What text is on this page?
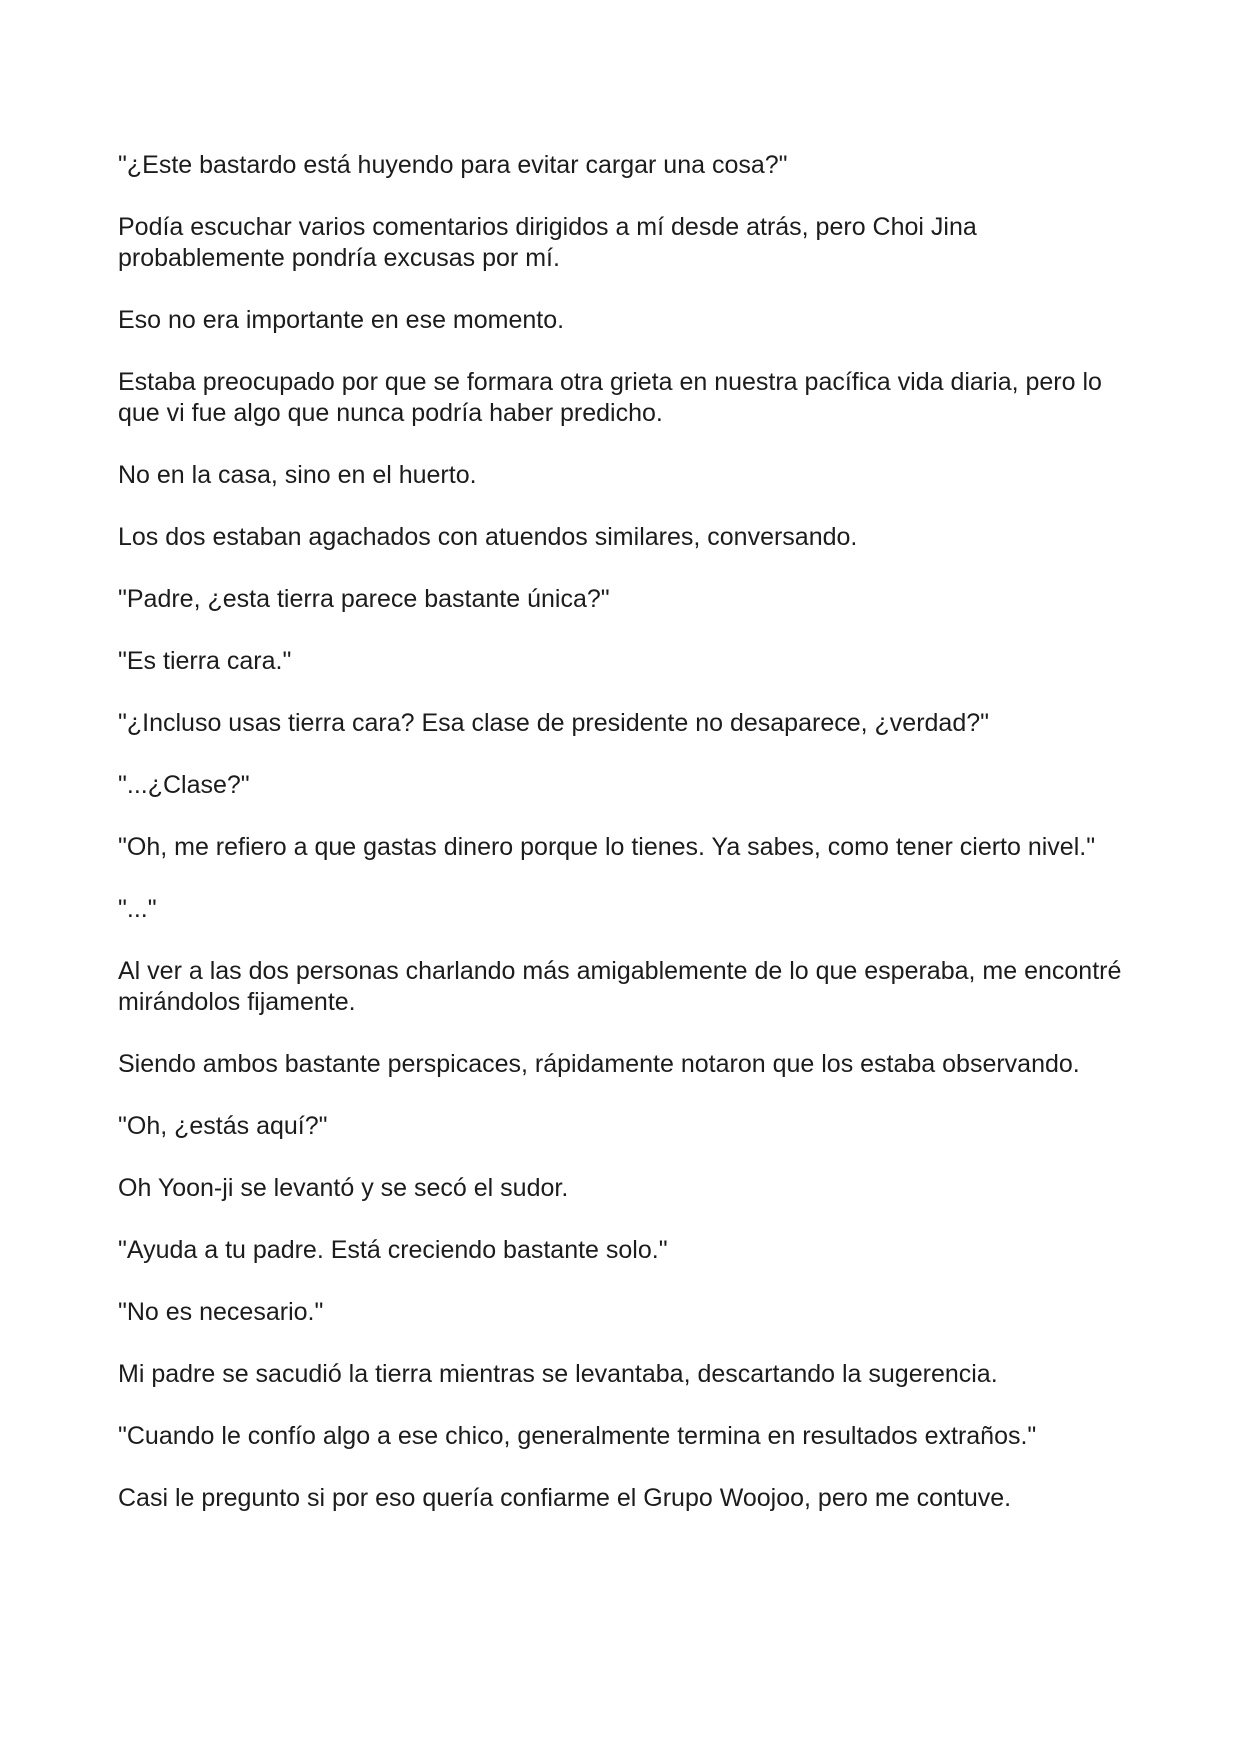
"¿Este bastardo está huyendo para evitar cargar una cosa?"

Podía escuchar varios comentarios dirigidos a mí desde atrás, pero Choi Jina probablemente pondría excusas por mí.

Eso no era importante en ese momento.

Estaba preocupado por que se formara otra grieta en nuestra pacífica vida diaria, pero lo que vi fue algo que nunca podría haber predicho.

No en la casa, sino en el huerto.

Los dos estaban agachados con atuendos similares, conversando.

"Padre, ¿esta tierra parece bastante única?"

"Es tierra cara."

"¿Incluso usas tierra cara? Esa clase de presidente no desaparece, ¿verdad?"

"...¿Clase?"

"Oh, me refiero a que gastas dinero porque lo tienes. Ya sabes, como tener cierto nivel."

"..."

Al ver a las dos personas charlando más amigablemente de lo que esperaba, me encontré mirándolos fijamente.

Siendo ambos bastante perspicaces, rápidamente notaron que los estaba observando.

"Oh, ¿estás aquí?"

Oh Yoon-ji se levantó y se secó el sudor.

"Ayuda a tu padre. Está creciendo bastante solo."

"No es necesario."

Mi padre se sacudió la tierra mientras se levantaba, descartando la sugerencia.

"Cuando le confío algo a ese chico, generalmente termina en resultados extraños."

Casi le pregunto si por eso quería confiarme el Grupo Woojoo, pero me contuve.
